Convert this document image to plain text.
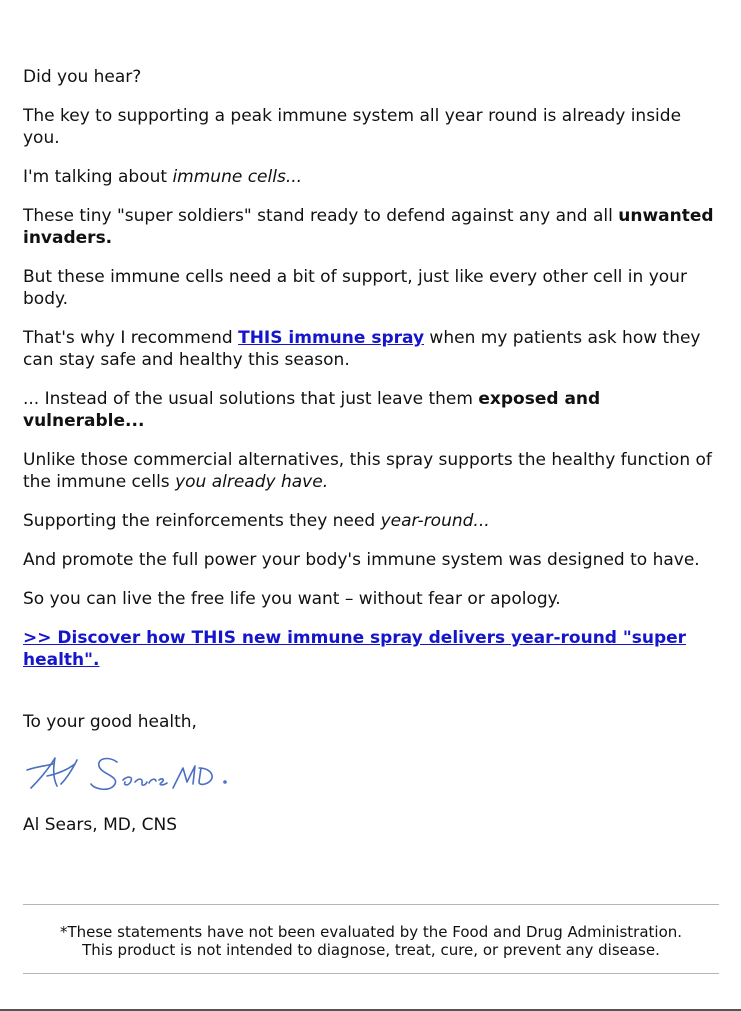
Did you hear?

The key to supporting a peak immune system all year round is already inside you.

I'm talking about immune cells...

These tiny "super soldiers" stand ready to defend against any and all unwanted invaders.

But these immune cells need a bit of support, just like every other cell in your body.

That's why I recommend THIS immune spray when my patients ask how they can stay safe and healthy this season.

... Instead of the usual solutions that just leave them exposed and vulnerable...

Unlike those commercial alternatives, this spray supports the healthy function of the immune cells you already have.

Supporting the reinforcements they need year-round...

And promote the full power your body's immune system was designed to have.

So you can live the free life you want – without fear or apology.

>> Discover how THIS new immune spray delivers year-round "super health".

To your good health,

Al Sears, MD, CNS

*These statements have not been evaluated by the Food and Drug Administration.
This product is not intended to diagnose, treat, cure, or prevent any disease.
